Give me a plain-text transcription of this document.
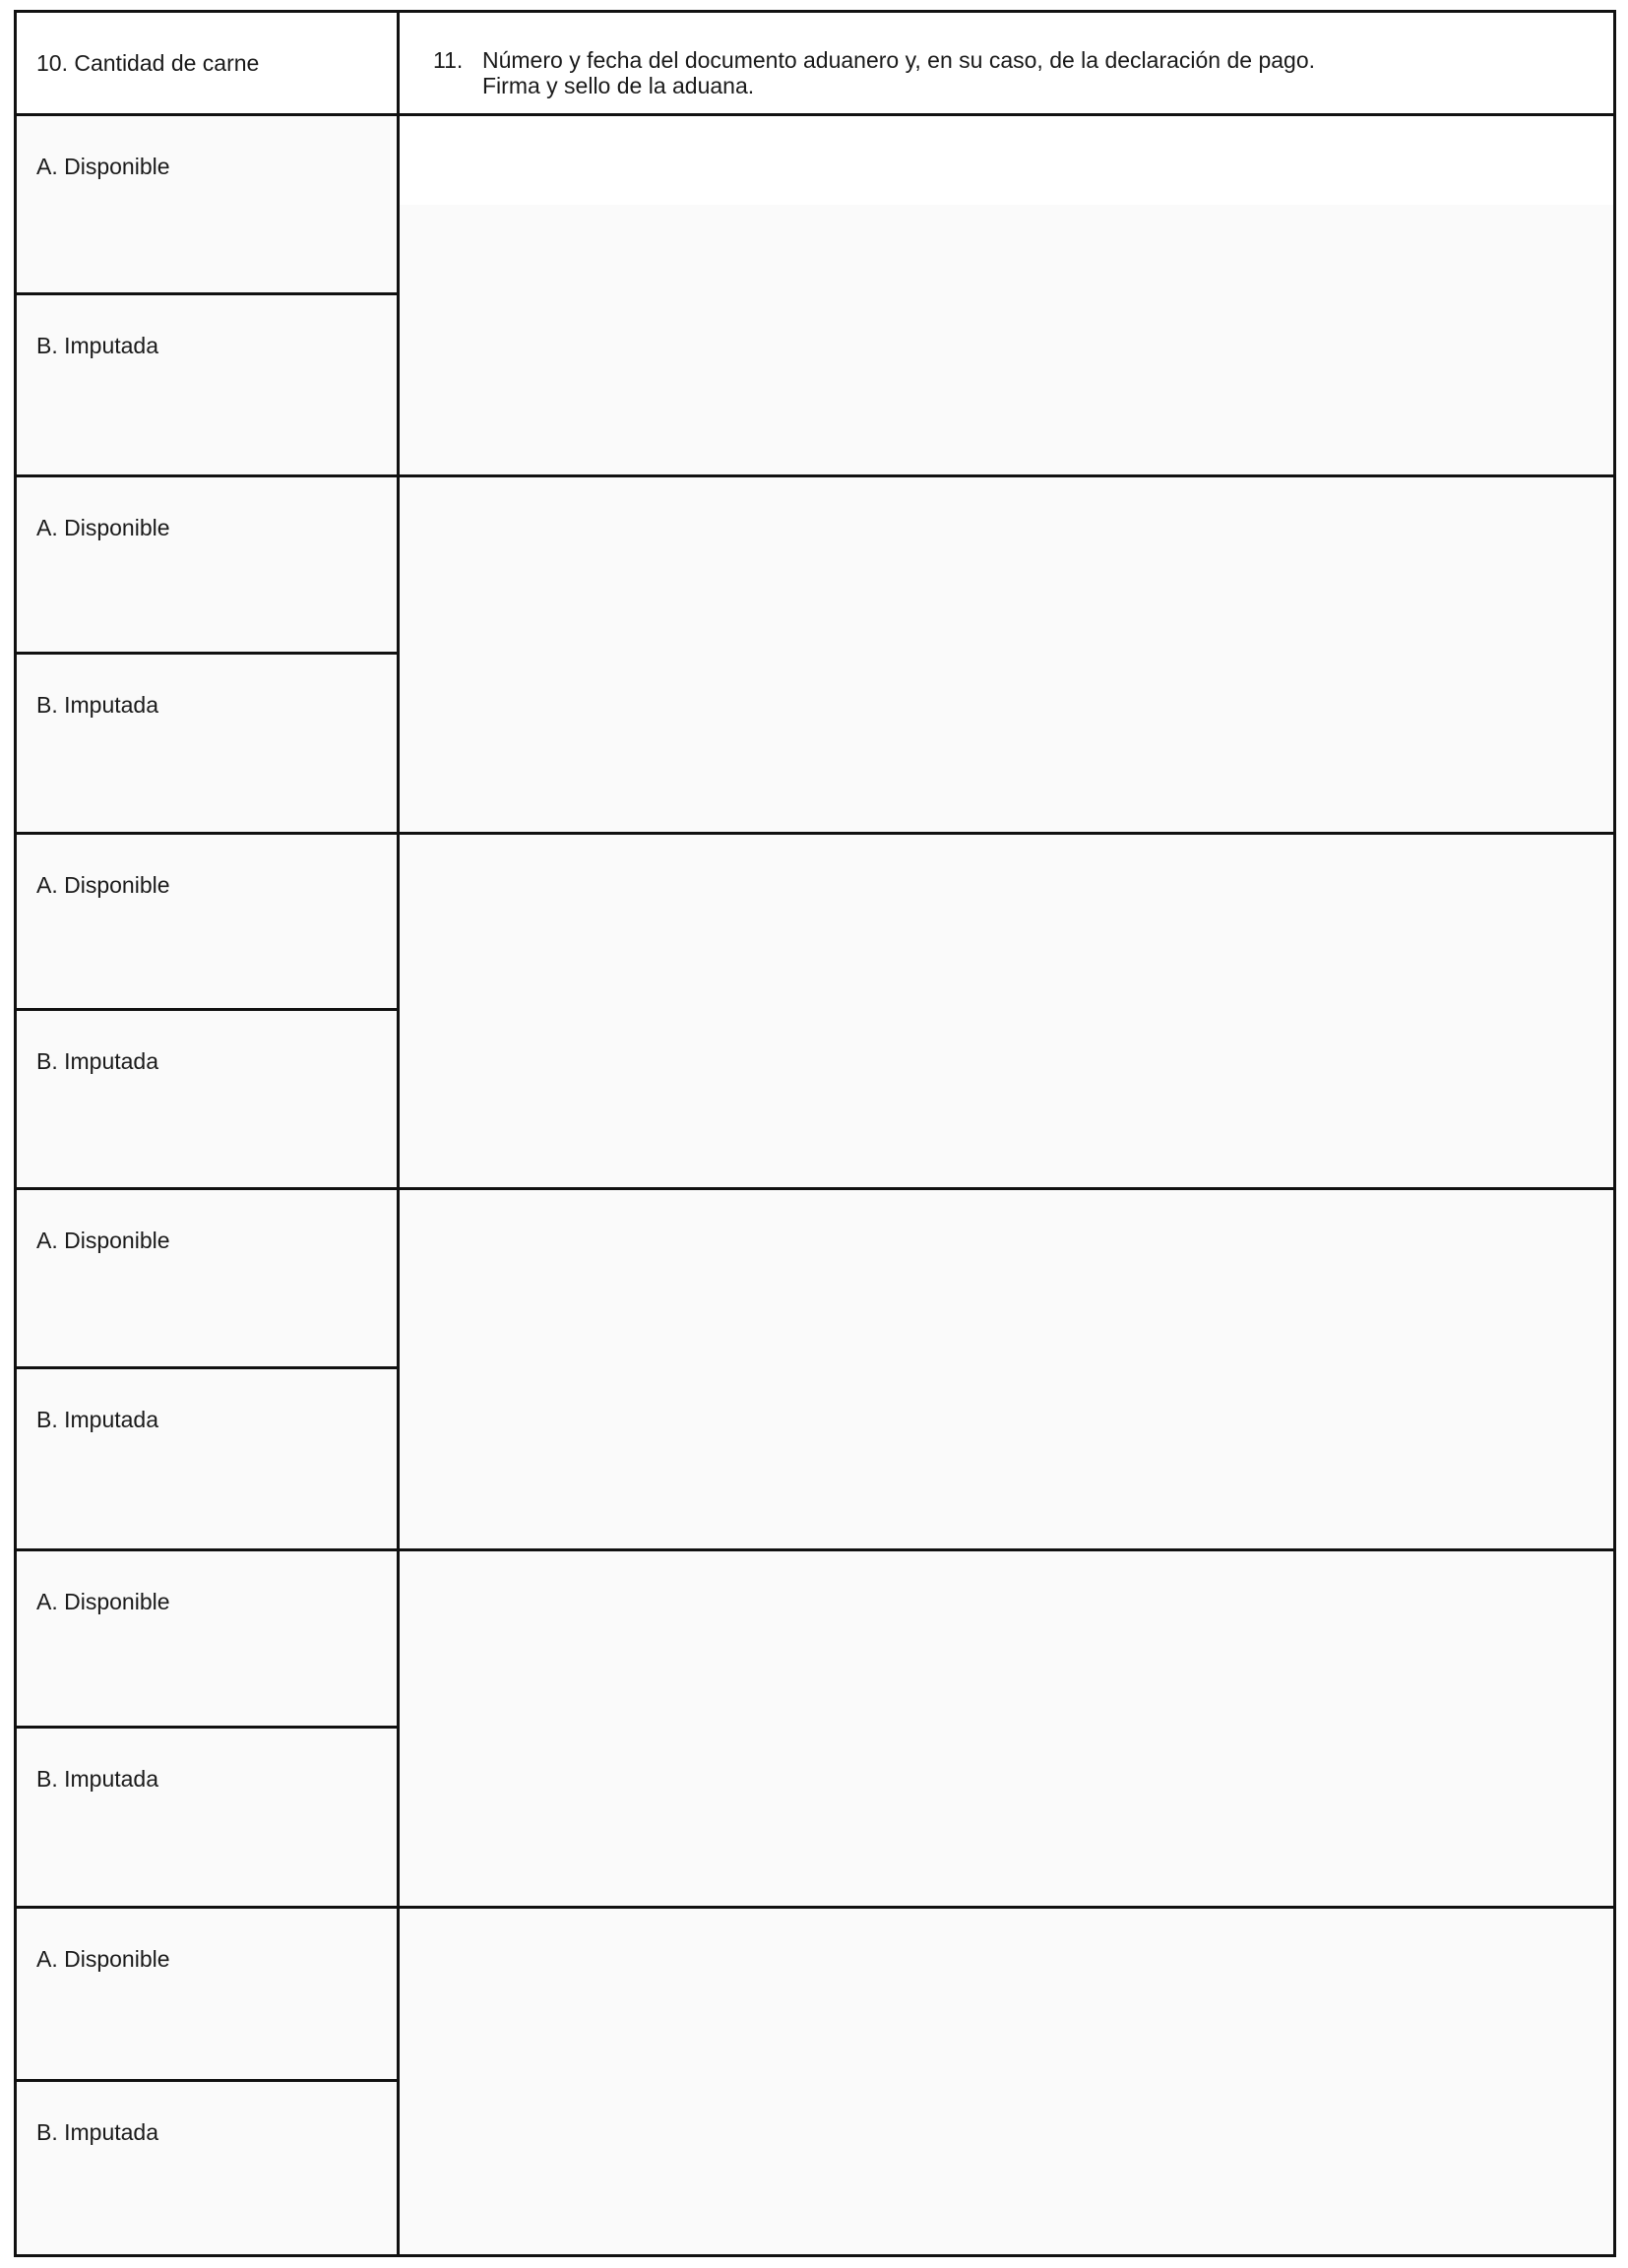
10. Cantidad de carne	11. Número y fecha del documento aduanero y, en su caso, de la declaración de pago.
Firma y sello de la aduana.
A. Disponible
B. Imputada
A. Disponible
B. Imputada
A. Disponible
B. Imputada
A. Disponible
B. Imputada
A. Disponible
B. Imputada
A. Disponible
B. Imputada
